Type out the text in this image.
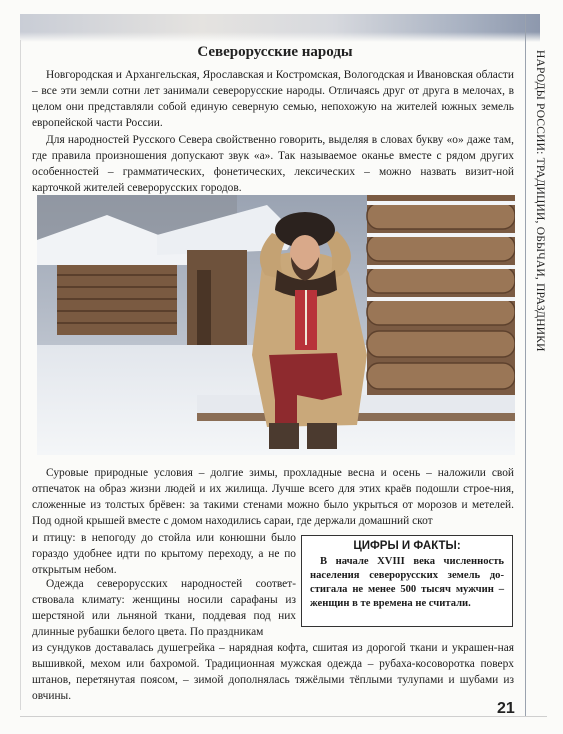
НАРОДЫ РОССИИ: ТРАДИЦИИ, ОБЫЧАИ, ПРАЗДНИКИ
Северорусские народы

Новгородская и Архангельская, Ярославская и Костромская, Вологодская и Ивановская области – все эти земли сотни лет занимали северорусские народы. Отличаясь друг от друга в мелочах, в целом они представляли собой единую северную семью, непохожую на жителей южных земель европейской части России.

Для народностей Русского Севера свойственно говорить, выделяя в словах букву «о» даже там, где правила произношения допускают звук «а». Так называемое оканье вместе с рядом других особенностей – грамматических, фонетических, лексических – можно назвать визит-ной карточкой жителей северорусских городов.

Суровые природные условия – долгие зимы, прохладные весна и осень – наложили свой отпечаток на образ жизни людей и их жилища. Лучше всего для этих краёв подошли строе-ния, сложенные из толстых брёвен: за такими стенами можно было укрыться от морозов и метелей. Под одной крышей вместе с домом находились сараи, где держали домашний скот

и птицу: в непогоду до стойла или конюшни было гораздо удобнее идти по крытому переходу, а не по открытым небом.

ЦИФРЫ И ФАКТЫ:

В начале XVIII века численность населения северорусских земель до-стигала не менее 500 тысяч мужчин – женщин в те времена не считали.

Одежда северорусских народностей соответ-ствовала климату: женщины носили сарафаны из шерстяной или льняной ткани, поддевая под них длинные рубашки белого цвета. По праздникам

из сундуков доставалась душегрейка – нарядная кофта, сшитая из дорогой ткани и украшен-ная вышивкой, мехом или бахромой. Традиционная мужская одежда – рубаха-косоворотка поверх штанов, перетянутая поясом, – зимой дополнялась тяжёлыми тёплыми тулупами и шубами из овчины.

21
